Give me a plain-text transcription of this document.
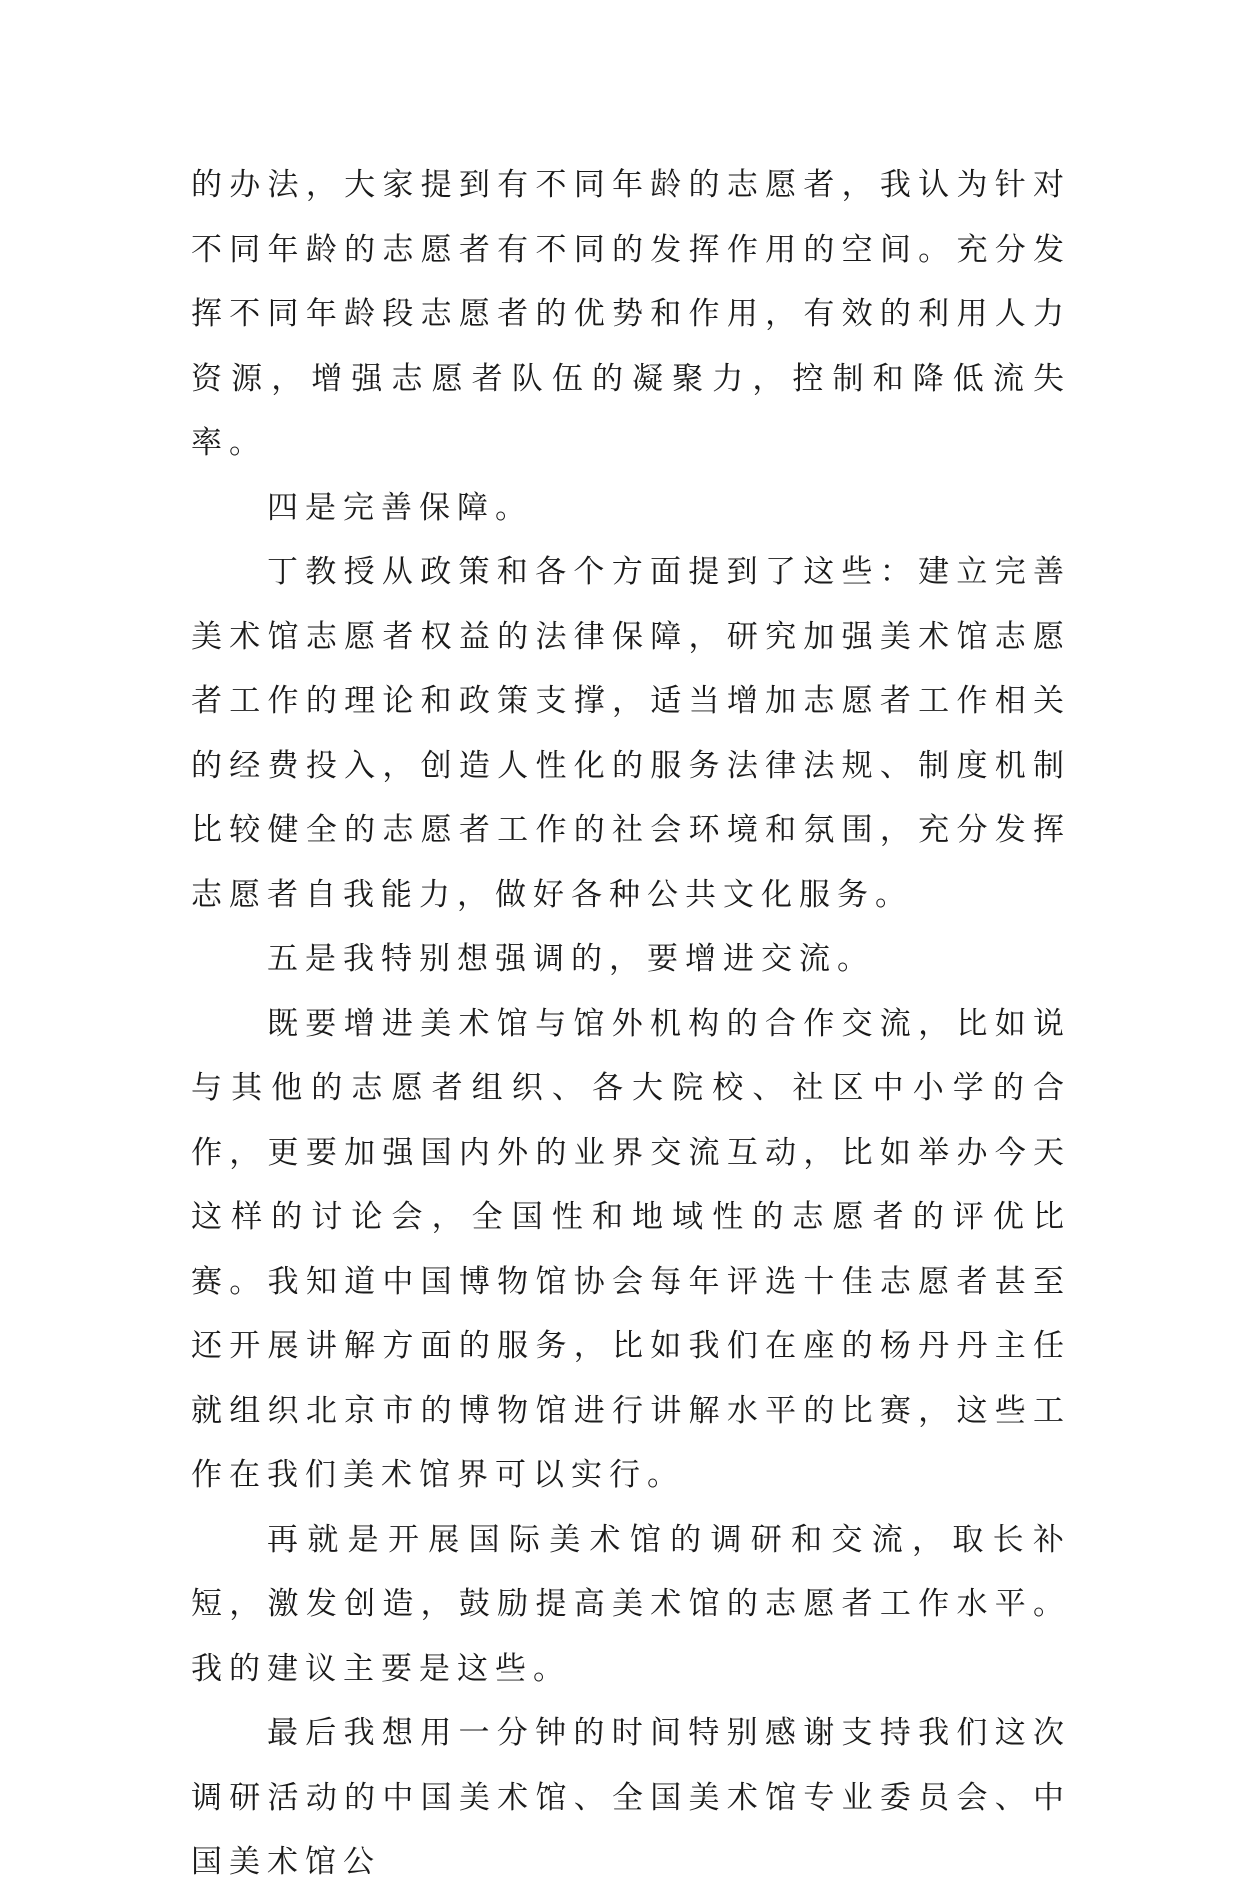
的办法，大家提到有不同年龄的志愿者，我认为针对不同年龄的志愿者有不同的发挥作用的空间。充分发挥不同年龄段志愿者的优势和作用，有效的利用人力资源，增强志愿者队伍的凝聚力，控制和降低流失率。

四是完善保障。

丁教授从政策和各个方面提到了这些：建立完善美术馆志愿者权益的法律保障，研究加强美术馆志愿者工作的理论和政策支撑，适当增加志愿者工作相关的经费投入，创造人性化的服务法律法规、制度机制比较健全的志愿者工作的社会环境和氛围，充分发挥志愿者自我能力，做好各种公共文化服务。

五是我特别想强调的，要增进交流。

既要增进美术馆与馆外机构的合作交流，比如说与其他的志愿者组织、各大院校、社区中小学的合作，更要加强国内外的业界交流互动，比如举办今天这样的讨论会，全国性和地域性的志愿者的评优比赛。我知道中国博物馆协会每年评选十佳志愿者甚至还开展讲解方面的服务，比如我们在座的杨丹丹主任就组织北京市的博物馆进行讲解水平的比赛，这些工作在我们美术馆界可以实行。

再就是开展国际美术馆的调研和交流，取长补短，激发创造，鼓励提高美术馆的志愿者工作水平。我的建议主要是这些。

最后我想用一分钟的时间特别感谢支持我们这次调研活动的中国美术馆、全国美术馆专业委员会、中国美术馆公
